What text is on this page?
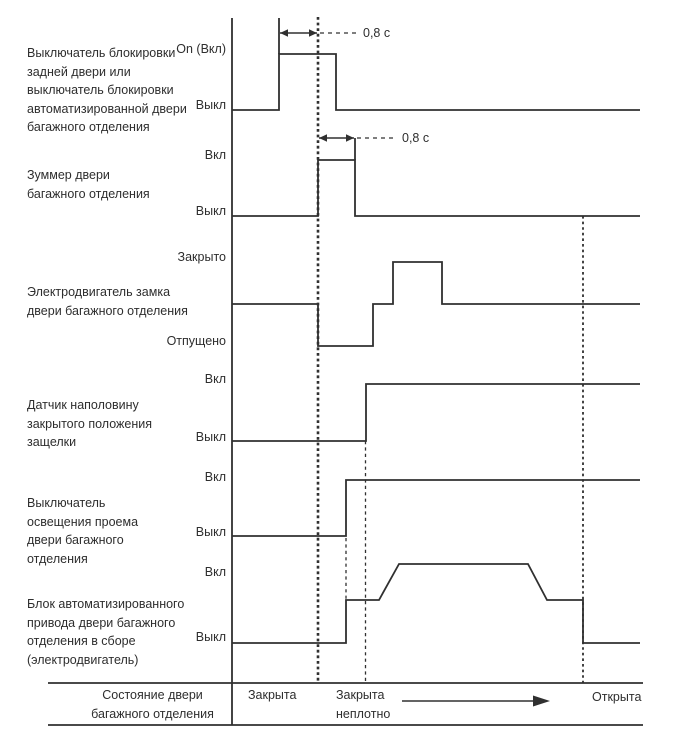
Выключатель блокировки
задней двери или
выключатель блокировки
автоматизированной двери
багажного отделения
On (Вкл)
Выкл
Зуммер двери
багажного отделения
Вкл
Выкл
Электродвигатель замка
двери багажного отделения
Закрыто
Отпущено
Датчик наполовину
закрытого положения
защелки
Вкл
Выкл
Выключатель
освещения проема
двери багажного
отделения
Вкл
Выкл
Блок автоматизированного
привода двери багажного
отделения в сборе
(электродвигатель)
Вкл
Выкл
0,8 с
0,8 с
Состояние двери
багажного отделения
Закрыта	Закрыта
неплотно
Открыта
